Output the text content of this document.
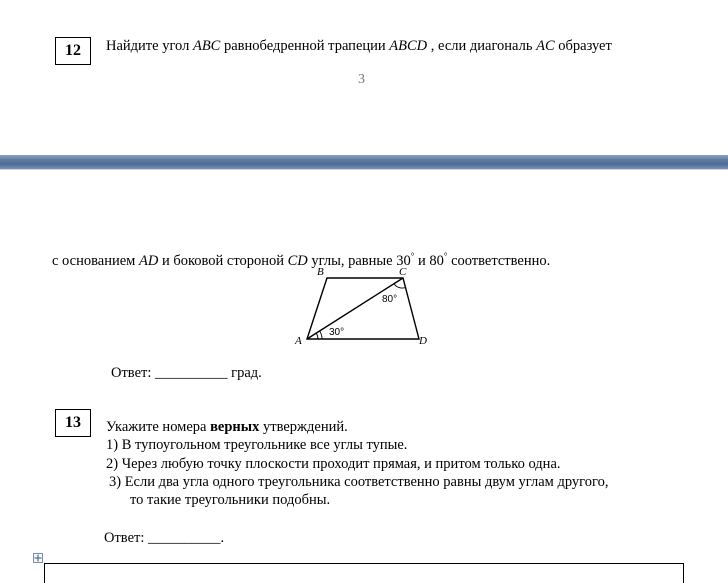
12 Найдите угол ABC равнобедренной трапеции ABCD , если диагональ AC образует
3
с основанием AD и боковой стороной CD углы, равные 30° и 80° соответственно.
A
B	C
D
30°
80°
Ответ: __________ град.
13 Укажите номера верных утверждений.
1) В тупоугольном треугольнике все углы тупые.
2) Через любую точку плоскости проходит прямая, и притом только одна.
3) Если два угла одного треугольника соответственно равны двум углам другого,
то такие треугольники подобны.
Ответ: __________.
